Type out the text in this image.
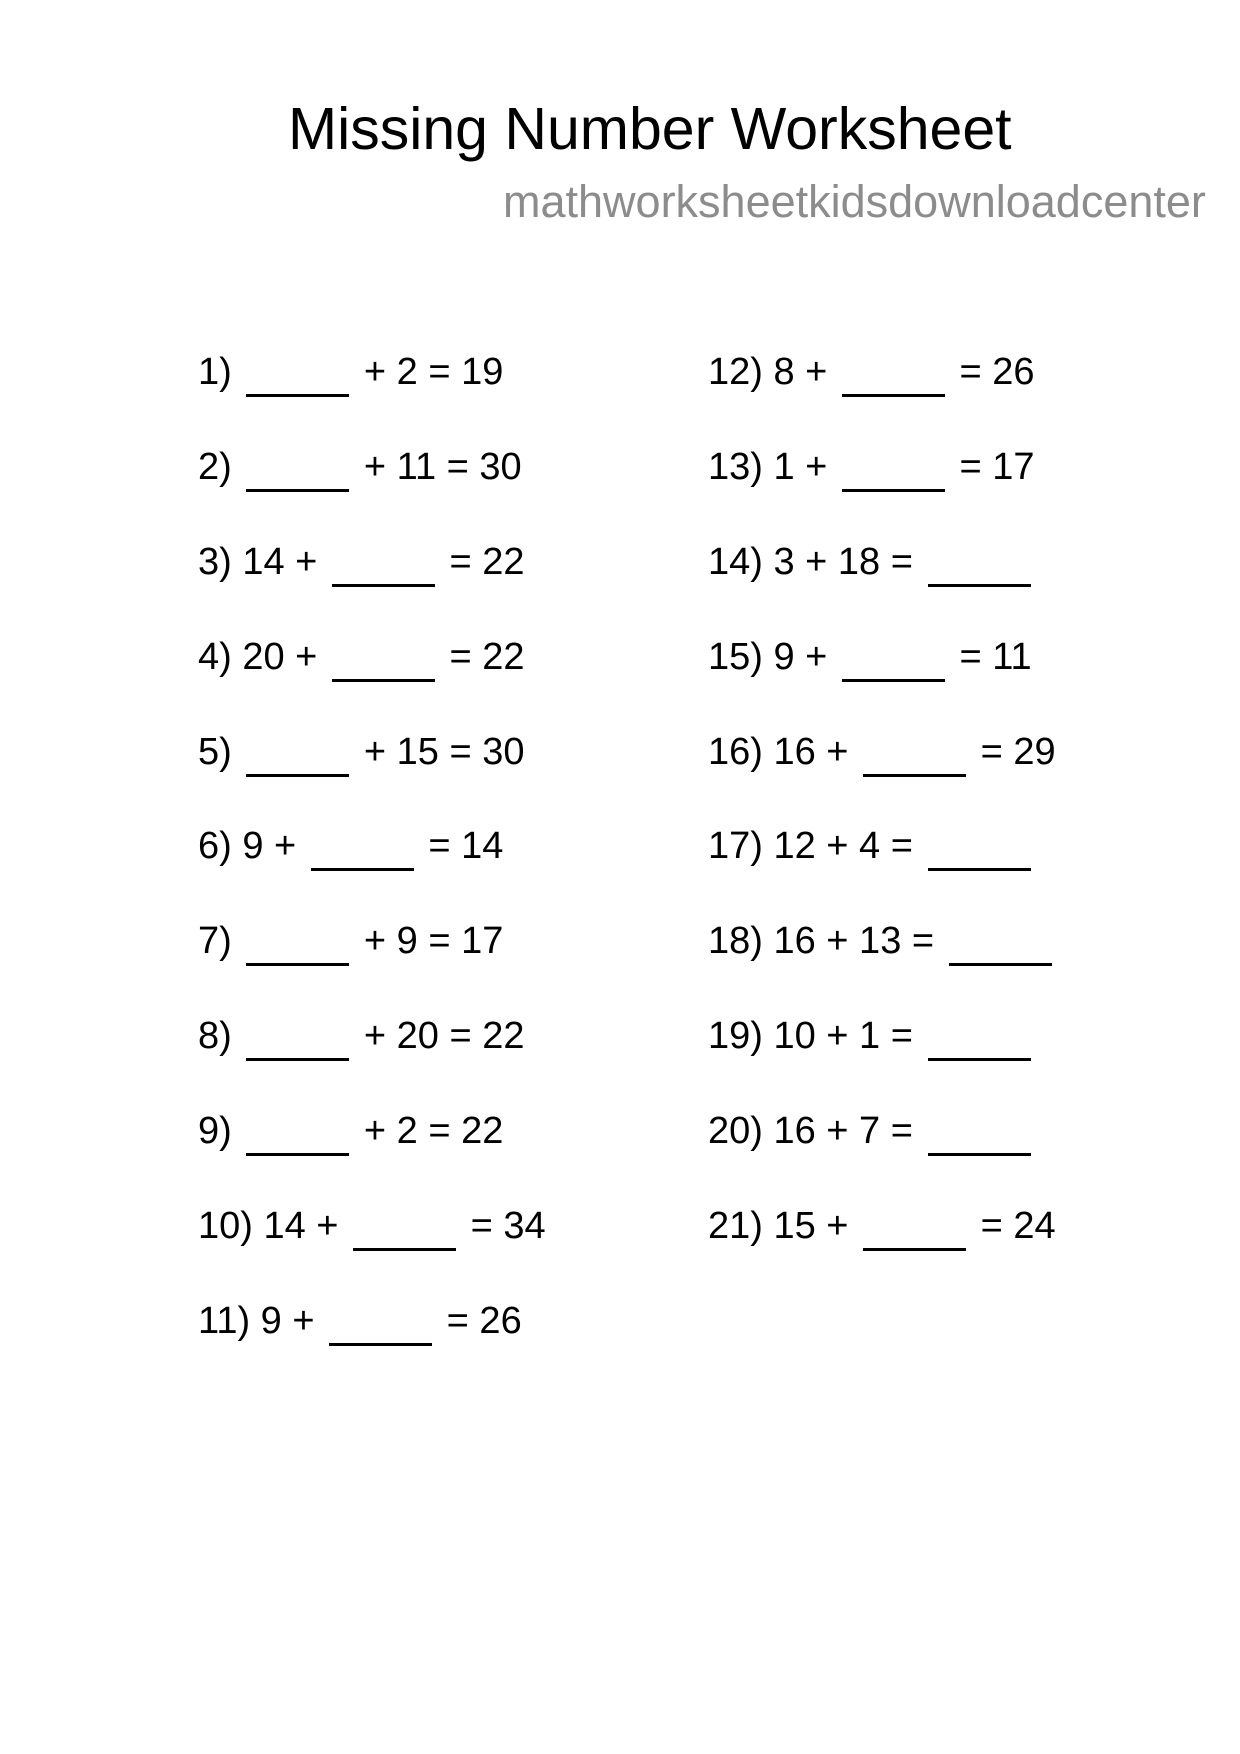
Missing Number Worksheet
mathworksheetkidsdownloadcenter
1)	+ 2 = 19
2)	+ 11 = 30
3) 14 +	= 22
4) 20 +	= 22
5)	+ 15 = 30
6) 9 +	= 14
7)	+ 9 = 17
8)	+ 20 = 22
9)	+ 2 = 22
10) 14 +	= 34
11) 9 +	= 26
12) 8 +	= 26
13) 1 +	= 17
14) 3 + 18 =
15) 9 +	= 11
16) 16 +	= 29
17) 12 + 4 =
18) 16 + 13 =
19) 10 + 1 =
20) 16 + 7 =
21) 15 +	= 24
